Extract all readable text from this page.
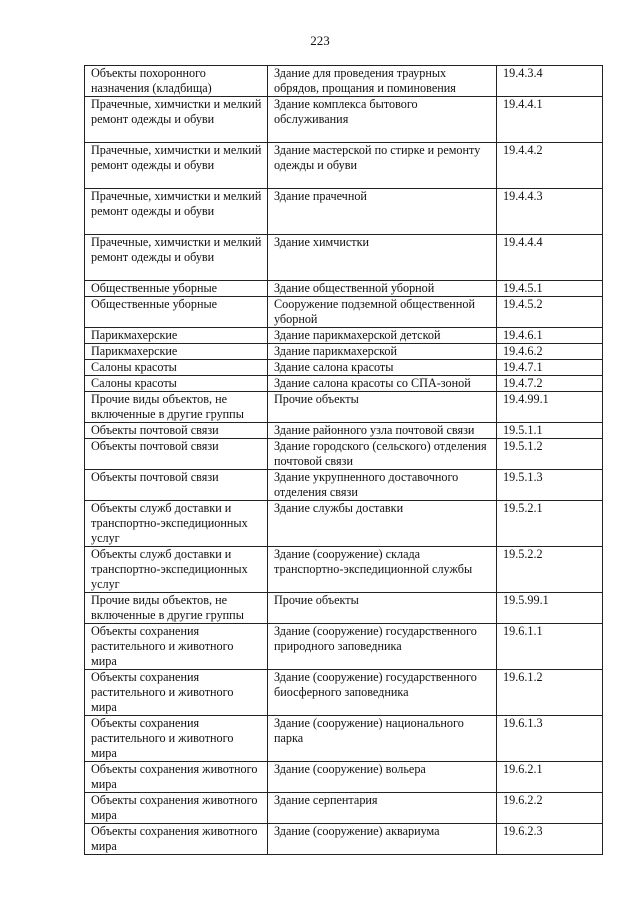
223
Объекты похоронного назначения (кладбища)	Здание для проведения траурных обрядов, прощания и поминовения	19.4.3.4
Прачечные, химчистки и мелкий ремонт одежды и обуви	Здание комплекса бытового обслуживания	19.4.4.1
Прачечные, химчистки и мелкий ремонт одежды и обуви	Здание мастерской по стирке и ремонту одежды и обуви	19.4.4.2
Прачечные, химчистки и мелкий ремонт одежды и обуви	Здание прачечной	19.4.4.3
Прачечные, химчистки и мелкий ремонт одежды и обуви	Здание химчистки	19.4.4.4
Общественные уборные	Здание общественной уборной	19.4.5.1
Общественные уборные	Сооружение подземной общественной уборной	19.4.5.2
Парикмахерские	Здание парикмахерской детской	19.4.6.1
Парикмахерские	Здание парикмахерской	19.4.6.2
Салоны красоты	Здание салона красоты	19.4.7.1
Салоны красоты	Здание салона красоты со СПА-зоной	19.4.7.2
Прочие виды объектов, не включенные в другие группы	Прочие объекты	19.4.99.1
Объекты почтовой связи	Здание районного узла почтовой связи	19.5.1.1
Объекты почтовой связи	Здание городского (сельского) отделения почтовой связи	19.5.1.2
Объекты почтовой связи	Здание укрупненного доставочного отделения связи	19.5.1.3
Объекты служб доставки и транспортно-экспедиционных услуг	Здание службы доставки	19.5.2.1
Объекты служб доставки и транспортно-экспедиционных услуг	Здание (сооружение) склада транспортно-экспедиционной службы	19.5.2.2
Прочие виды объектов, не включенные в другие группы	Прочие объекты	19.5.99.1
Объекты сохранения растительного и животного мира	Здание (сооружение) государственного природного заповедника	19.6.1.1
Объекты сохранения растительного и животного мира	Здание (сооружение) государственного биосферного заповедника	19.6.1.2
Объекты сохранения растительного и животного мира	Здание (сооружение) национального парка	19.6.1.3
Объекты сохранения животного мира	Здание (сооружение) вольера	19.6.2.1
Объекты сохранения животного мира	Здание серпентария	19.6.2.2
Объекты сохранения животного мира	Здание (сооружение) аквариума	19.6.2.3
